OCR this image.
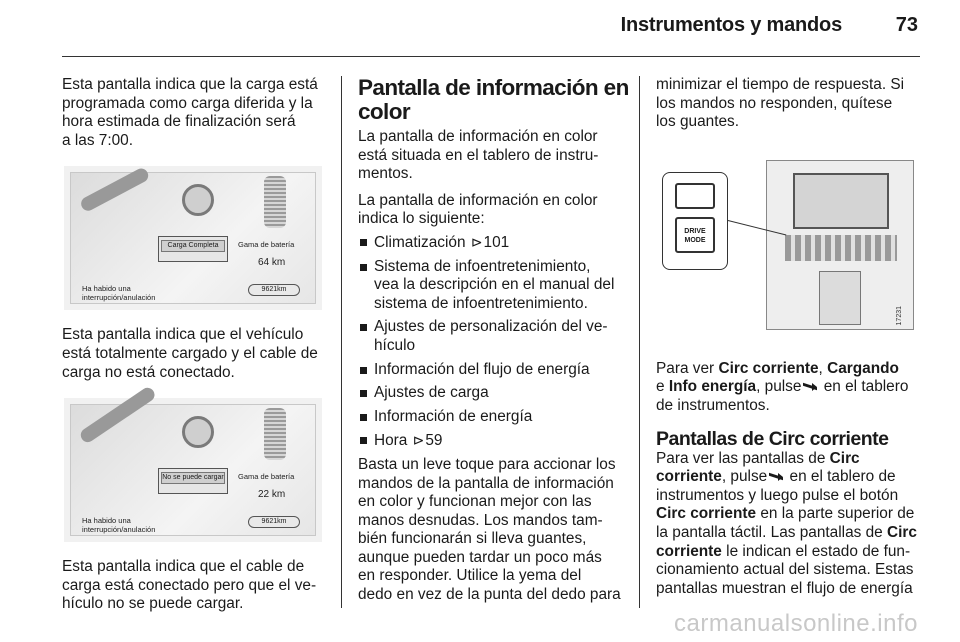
Instrumentos y mandos	73

Esta pantalla indica que la carga está
programada como carga diferida y la
hora estimada de finalización será
a las 7:00.

Carga Completa	Gama de batería
64 km
Ha habido una
interrupción/anulación
9621km

Esta pantalla indica que el vehículo
está totalmente cargado y el cable de
carga no está conectado.

No se puede cargar Gama de batería
22 km
Ha habido una
interrupción/anulación
9621km

Esta pantalla indica que el cable de
carga está conectado pero que el ve-
hículo no se puede cargar.

Pantalla de información en
color

La pantalla de información en color
está situada en el tablero de instru-
mentos.

La pantalla de información en color
indica lo siguiente:

Climatización ⊳101
Sistema de infoentretenimiento,
vea la descripción en el manual del
sistema de infoentretenimiento.
Ajustes de personalización del ve-
hículo
Información del flujo de energía
Ajustes de carga
Información de energía
Hora ⊳59

Basta un leve toque para accionar los
mandos de la pantalla de información
en color y funcionan mejor con las
manos desnudas. Los mandos tam-
bién funcionarán si lleva guantes,
aunque pueden tardar un poco más
en responder. Utilice la yema del
dedo en vez de la punta del dedo para

minimizar el tiempo de respuesta. Si
los mandos no responden, quítese
los guantes.

DRIVE
MODE
17231

Para ver Circ corriente, Cargando
e Info energía, pulse en el tablero
de instrumentos.

Pantallas de Circ corriente

Para ver las pantallas de Circ
corriente, pulse en el tablero de
instrumentos y luego pulse el botón
Circ corriente en la parte superior de
la pantalla táctil. Las pantallas de Circ
corriente le indican el estado de fun-
cionamiento actual del sistema. Estas
pantallas muestran el flujo de energía

carmanualsonline.info
